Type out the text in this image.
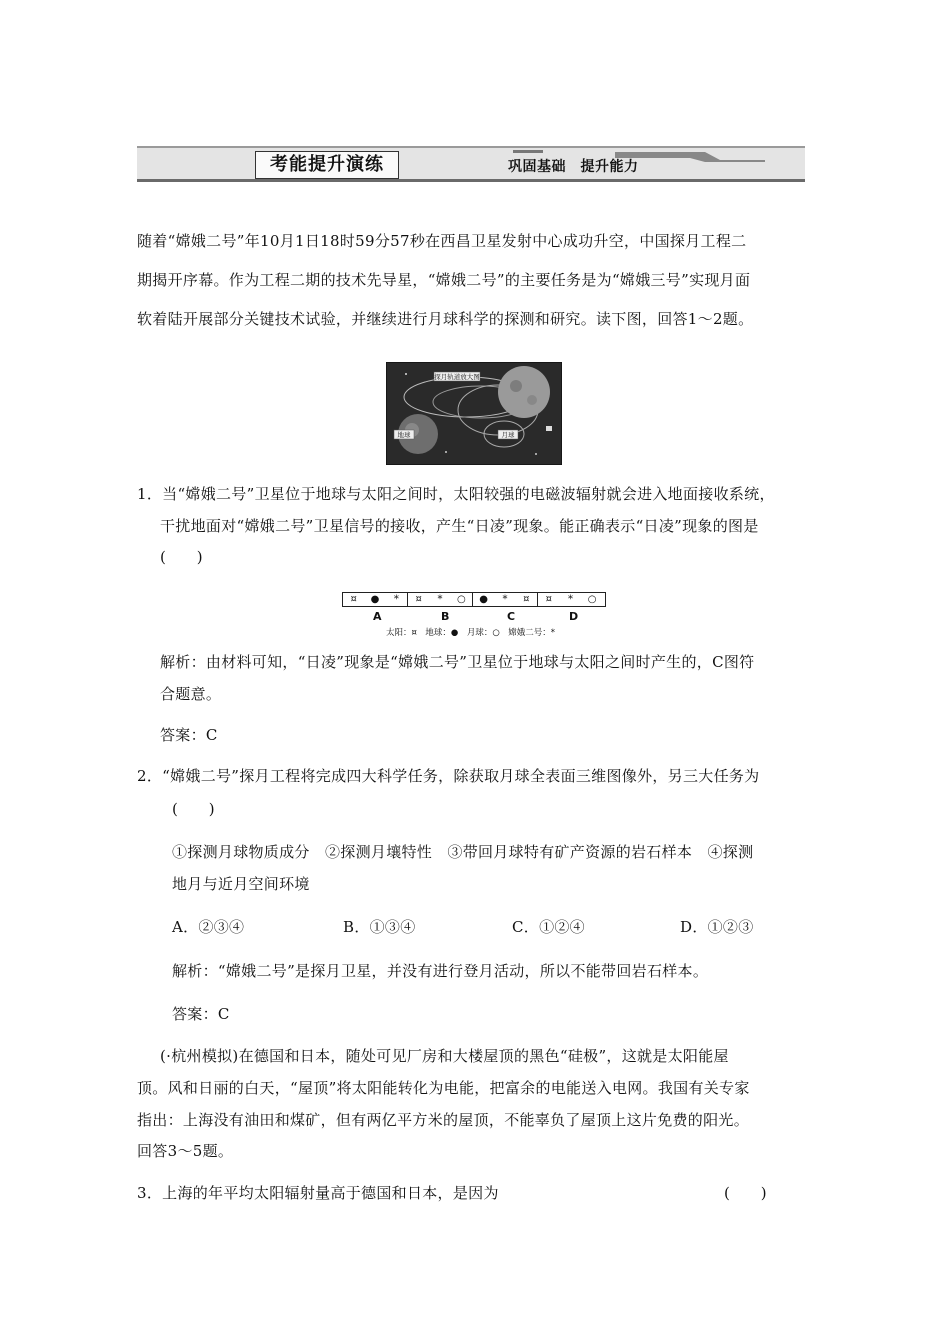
考能提升演练	巩固基础　提升能力
随着“嫦娥二号”年10月1日18时59分57秒在西昌卫星发射中心成功升空，中国探月工程二
期揭开序幕。作为工程二期的技术先导星，“嫦娥二号”的主要任务是为“嫦娥三号”实现月面
软着陆开展部分关键技术试验，并继续进行月球科学的探测和研究。读下图，回答1～2题。
探月轨道放大图
地球	月球
1．当“嫦娥二号”卫星位于地球与太阳之间时，太阳较强的电磁波辐射就会进入地面接收系统，
干扰地面对“嫦娥二号”卫星信号的接收，产生“日凌”现象。能正确表示“日凌”现象的图是
(　　)
¤	●	*	¤	*	○ ●	*	¤	¤	*	○
A	B	C	D
太阳：¤　地球：●　月球：○　嫦娥二号：*
解析：由材料可知，“日凌”现象是“嫦娥二号”卫星位于地球与太阳之间时产生的，C图符
合题意。
答案：C
2．“嫦娥二号”探月工程将完成四大科学任务，除获取月球全表面三维图像外，另三大任务为
(　　)
①探测月球物质成分　②探测月壤特性　③带回月球特有矿产资源的岩石样本　④探测
地月与近月空间环境
A．②③④	B．①③④	C．①②④	D．①②③
解析：“嫦娥二号”是探月卫星，并没有进行登月活动，所以不能带回岩石样本。
答案：C
(·杭州模拟)在德国和日本，随处可见厂房和大楼屋顶的黑色“硅极”，这就是太阳能屋
顶。风和日丽的白天，“屋顶”将太阳能转化为电能，把富余的电能送入电网。我国有关专家
指出：上海没有油田和煤矿，但有两亿平方米的屋顶，不能辜负了屋顶上这片免费的阳光。
回答3～5题。
3．上海的年平均太阳辐射量高于德国和日本，是因为	(　　)
